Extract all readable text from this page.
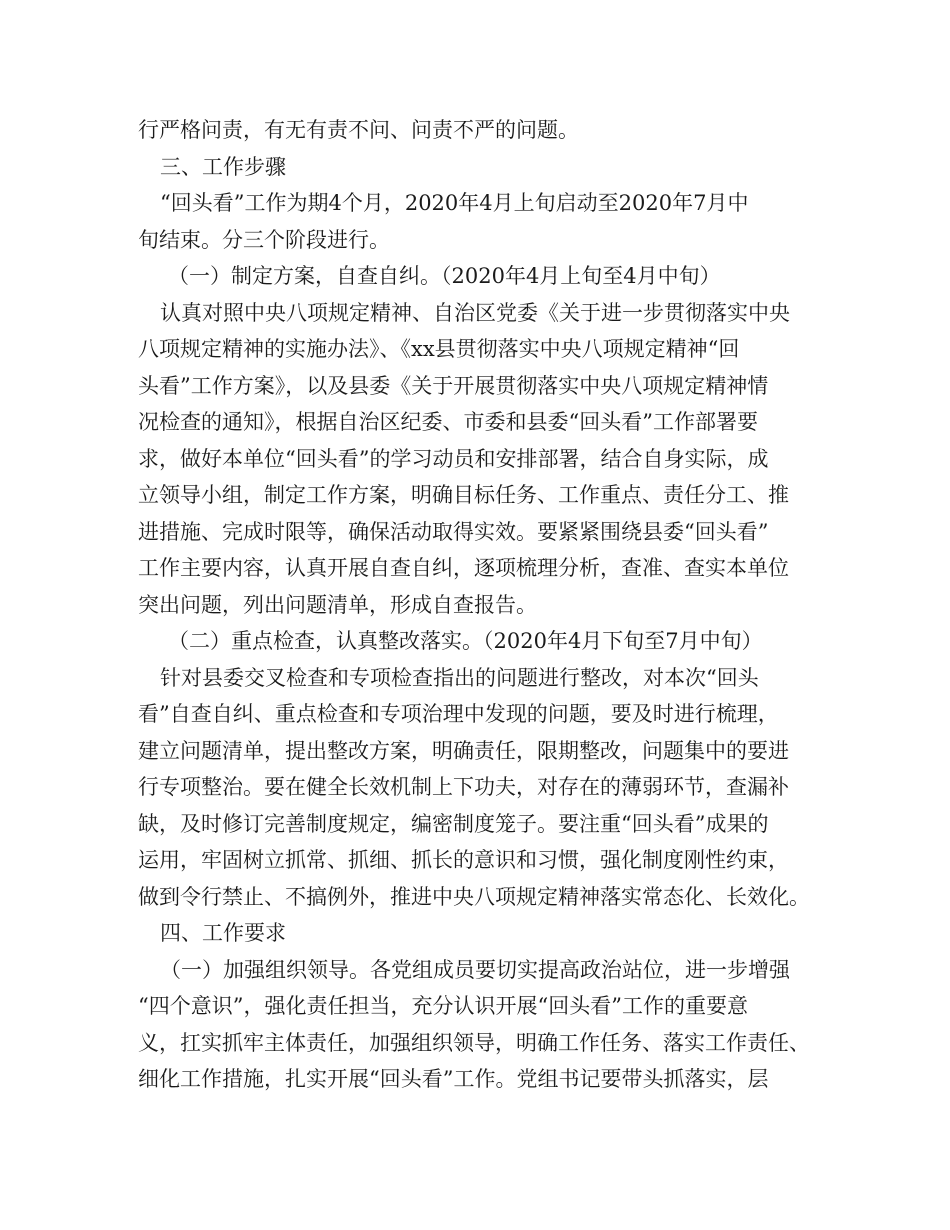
行严格问责，有无有责不问、问责不严的问题。
三、工作步骤
“回头看”工作为期4个月，2020年4月上旬启动至2020年7月中
旬结束。分三个阶段进行。
（一）制定方案，自查自纠。（2020年4月上旬至4月中旬）
认真对照中央八项规定精神、自治区党委《关于进一步贯彻落实中央
八项规定精神的实施办法》、《xx县贯彻落实中央八项规定精神“回
头看”工作方案》，以及县委《关于开展贯彻落实中央八项规定精神情
况检查的通知》，根据自治区纪委、市委和县委“回头看”工作部署要
求，做好本单位“回头看”的学习动员和安排部署，结合自身实际，成
立领导小组，制定工作方案，明确目标任务、工作重点、责任分工、推
进措施、完成时限等，确保活动取得实效。要紧紧围绕县委“回头看”
工作主要内容，认真开展自查自纠，逐项梳理分析，查准、查实本单位
突出问题，列出问题清单，形成自查报告。
（二）重点检查，认真整改落实。（2020年4月下旬至7月中旬）
针对县委交叉检查和专项检查指出的问题进行整改，对本次“回头
看”自查自纠、重点检查和专项治理中发现的问题，要及时进行梳理，
建立问题清单，提出整改方案，明确责任，限期整改，问题集中的要进
行专项整治。要在健全长效机制上下功夫，对存在的薄弱环节，查漏补
缺，及时修订完善制度规定，编密制度笼子。要注重“回头看”成果的
运用，牢固树立抓常、抓细、抓长的意识和习惯，强化制度刚性约束，
做到令行禁止、不搞例外，推进中央八项规定精神落实常态化、长效化。
四、工作要求
（一）加强组织领导。各党组成员要切实提高政治站位，进一步增强
“四个意识”，强化责任担当，充分认识开展“回头看”工作的重要意
义，扛实抓牢主体责任，加强组织领导，明确工作任务、落实工作责任、
细化工作措施，扎实开展“回头看”工作。党组书记要带头抓落实，层
